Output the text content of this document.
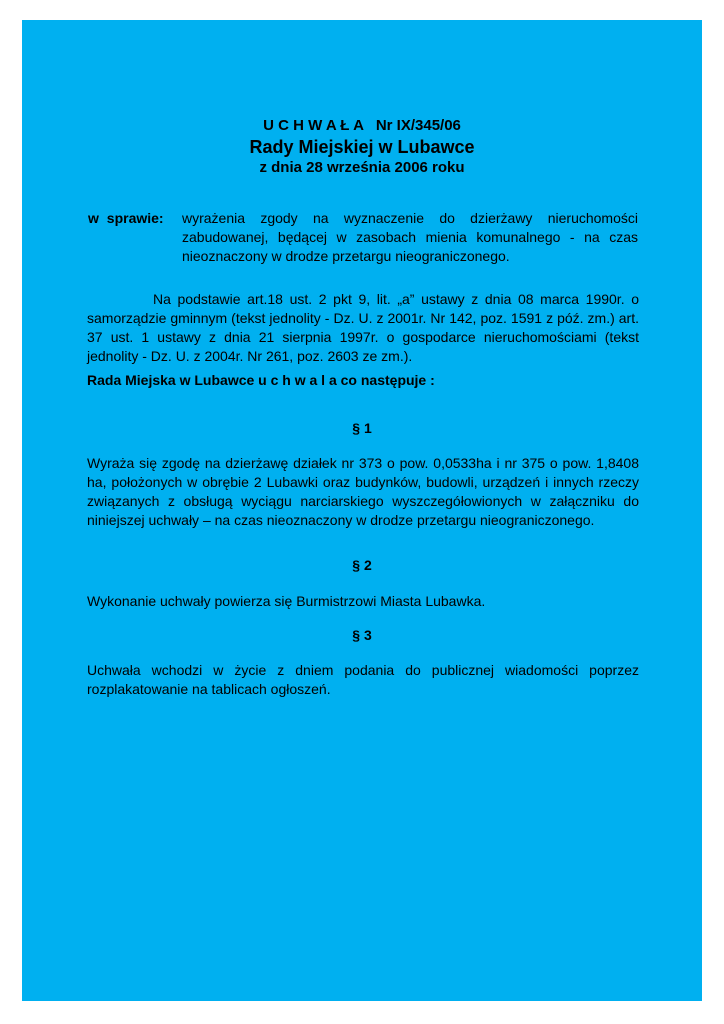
U C H W A Ł A   Nr IX/345/06
Rady Miejskiej w Lubawce
z dnia 28 września 2006 roku
w sprawie: wyrażenia zgody na wyznaczenie do dzierżawy nieruchomości zabudowanej, będącej w zasobach mienia komunalnego - na czas nieoznaczony w drodze przetargu nieograniczonego.
Na podstawie art.18 ust. 2 pkt 9, lit. „a” ustawy z dnia 08 marca 1990r. o samorządzie gminnym (tekst jednolity - Dz. U. z 2001r. Nr 142, poz. 1591 z póź. zm.) art. 37 ust. 1 ustawy z dnia 21 sierpnia 1997r. o gospodarce nieruchomościami (tekst jednolity - Dz. U. z 2004r. Nr 261, poz. 2603 ze zm.).
Rada Miejska w Lubawce u c h w a l a co następuje :
§ 1
Wyraża się zgodę na dzierżawę działek nr 373 o pow. 0,0533ha i nr 375 o pow. 1,8408 ha, położonych w obrębie 2 Lubawki oraz budynków, budowli, urządzeń i innych rzeczy związanych z obsługą wyciągu narciarskiego wyszczegółowionych w załączniku do niniejszej uchwały – na czas nieoznaczony w drodze przetargu nieograniczonego.
§ 2
Wykonanie uchwały powierza się Burmistrzowi Miasta Lubawka.
§ 3
Uchwała wchodzi w życie z dniem podania do publicznej wiadomości poprzez rozplakatowanie na tablicach ogłoszeń.
